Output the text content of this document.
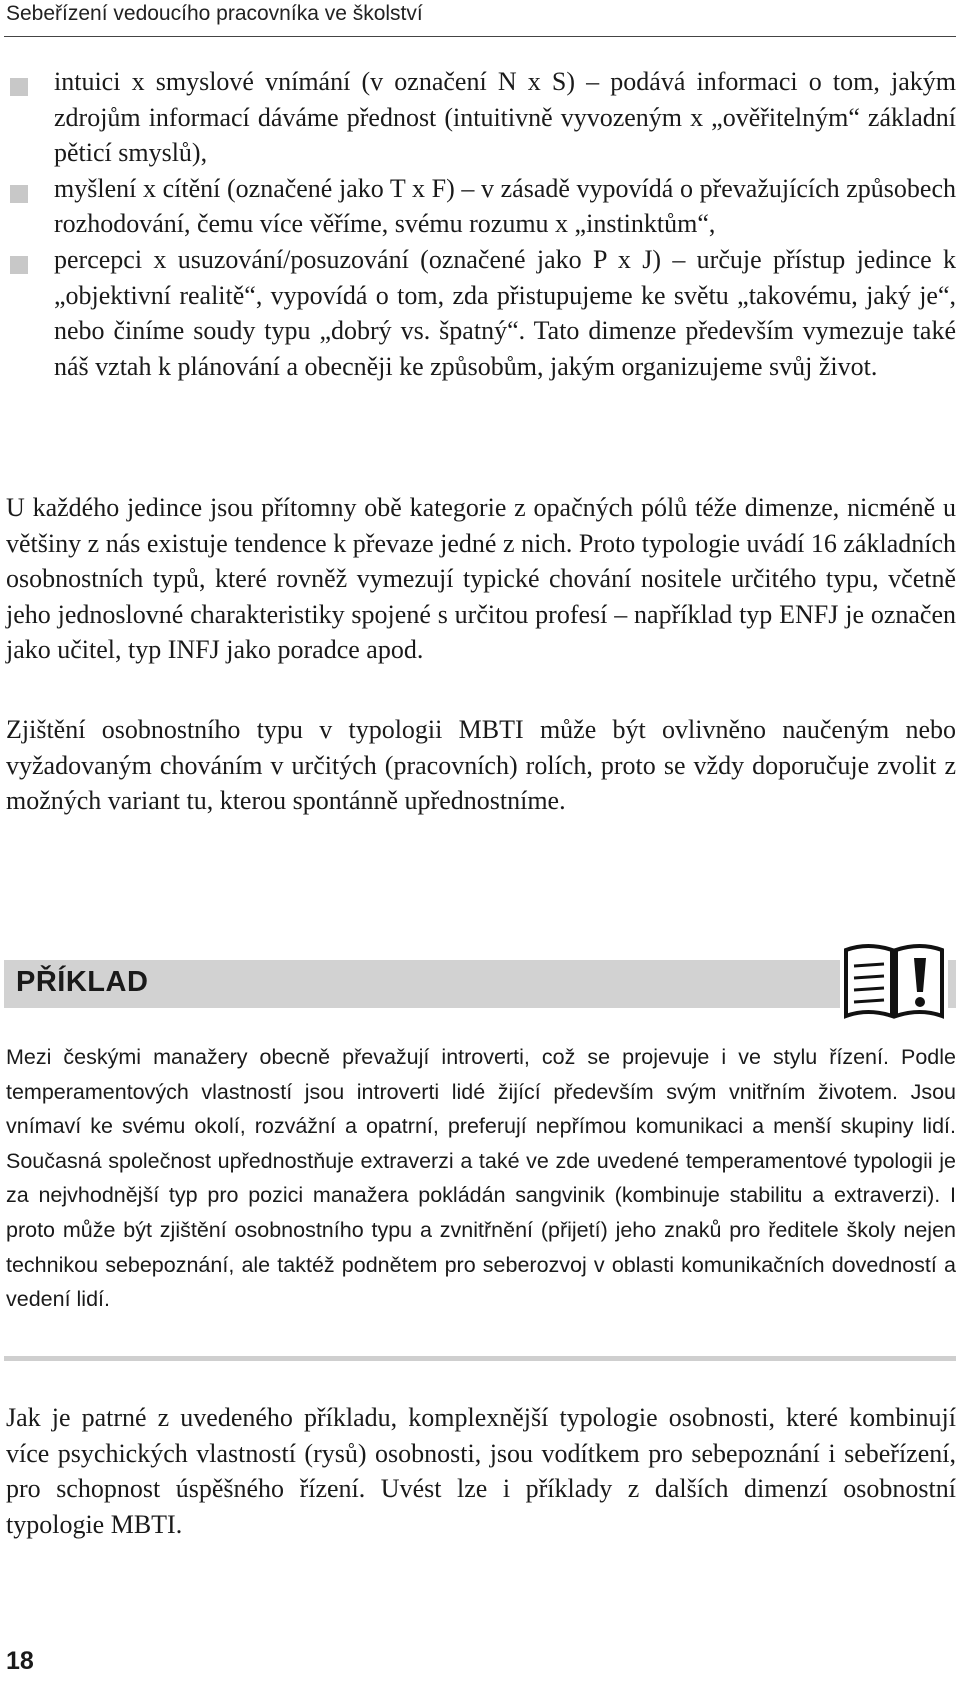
Sebeřízení vedoucího pracovníka ve školství
intuici x smyslové vnímání (v označení N x S) – podává informaci o tom, jakým zdrojům informací dáváme přednost (intuitivně vyvozeným x „ověřitelným“ základní pěticí smyslů),
myšlení x cítění (označené jako T x F) – v zásadě vypovídá o převažujících způsobech rozhodování, čemu více věříme, svému rozumu x „instinktům“,
percepci x usuzování/posuzování (označené jako P x J) – určuje přístup jedince k „objektivní realitě“, vypovídá o tom, zda přistupujeme ke světu „takovému, jaký je“, nebo činíme soudy typu „dobrý vs. špatný“. Tato dimenze především vymezuje také náš vztah k plánování a obecněji ke způsobům, jakým organizujeme svůj život.

U každého jedince jsou přítomny obě kategorie z opačných pólů téže dimenze, nicméně u většiny z nás existuje tendence k převaze jedné z nich. Proto typologie uvádí 16 základních osobnostních typů, které rovněž vymezují typické chování nositele určitého typu, včetně jeho jednoslovné charakteristiky spojené s určitou profesí – například typ ENFJ je označen jako učitel, typ INFJ jako poradce apod.

Zjištění osobnostního typu v typologii MBTI může být ovlivněno naučeným nebo vyžadovaným chováním v určitých (pracovních) rolích, proto se vždy doporučuje zvolit z možných variant tu, kterou spontánně upřednostníme.

PŘÍKLAD

Mezi českými manažery obecně převažují introverti, což se projevuje i ve stylu řízení. Podle temperamentových vlastností jsou introverti lidé žijící především svým vnitřním životem. Jsou vnímaví ke svému okolí, rozvážní a opatrní, preferují nepřímou komunikaci a menší skupiny lidí. Současná společnost upřednostňuje extraverzi a také ve zde uvedené temperamentové typologii je za nejvhodnější typ pro pozici manažera pokládán sangvinik (kombinuje stabilitu a extraverzi). I proto může být zjištění osobnostního typu a zvnitřnění (přijetí) jeho znaků pro ředitele školy nejen technikou sebepoznání, ale taktéž podnětem pro seberozvoj v oblasti komunikačních dovedností a vedení lidí.

Jak je patrné z uvedeného příkladu, komplexnější typologie osobnosti, které kombinují více psychických vlastností (rysů) osobnosti, jsou vodítkem pro sebepoznání i sebeřízení, pro schopnost úspěšného řízení. Uvést lze i příklady z dalších dimenzí osobnostní typologie MBTI.

18
